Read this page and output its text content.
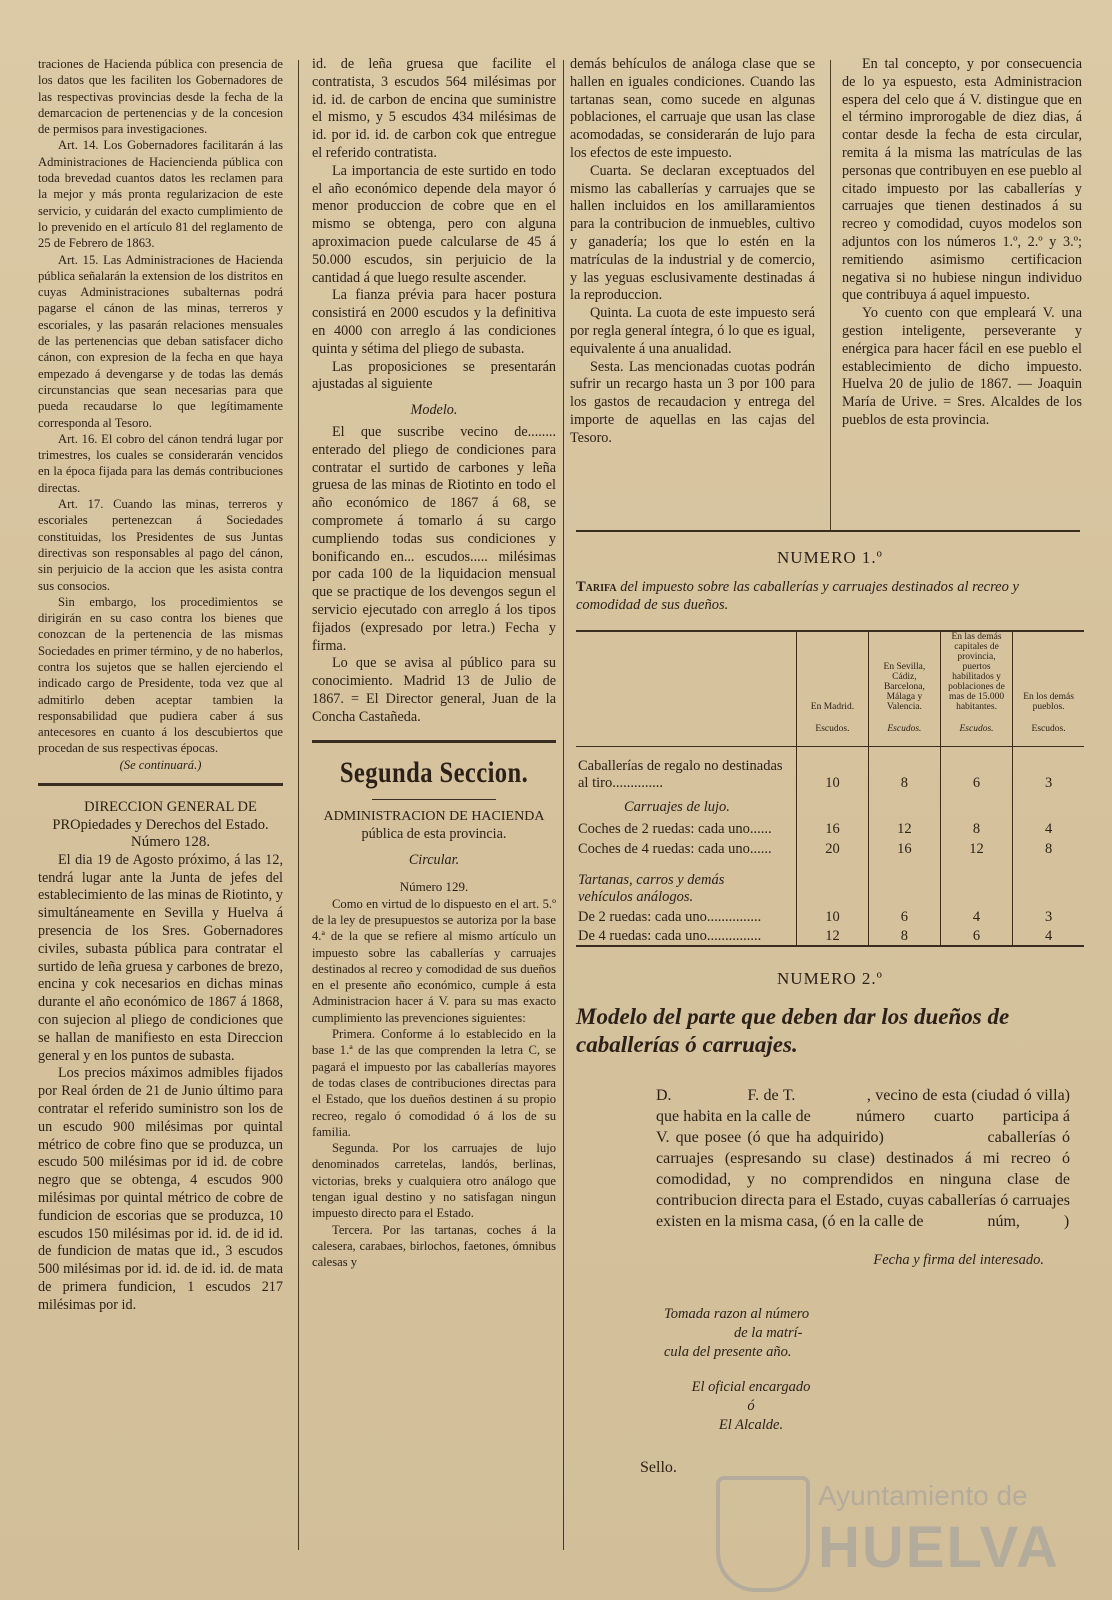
traciones de Hacienda pública con presencia de los datos que les faciliten los Gobernadores de las respectivas provincias desde la fecha de la demarcacion de pertenencias y de la concesion de permisos para investigaciones.

Art. 14. Los Gobernadores facilitarán á las Administraciones de Haciencienda pública con toda brevedad cuantos datos les reclamen para la mejor y más pronta regularizacion de este servicio, y cuidarán del exacto cumplimiento de lo prevenido en el artículo 81 del reglamento de 25 de Febrero de 1863.

Art. 15. Las Administraciones de Hacienda pública señalarán la extension de los distritos en cuyas Administraciones subalternas podrá pagarse el cánon de las minas, terreros y escoriales, y las pasarán relaciones mensuales de las pertenencias que deban satisfacer dicho cánon, con expresion de la fecha en que haya empezado á devengarse y de todas las demás circunstancias que sean necesarias para que pueda recaudarse lo que legítimamente corresponda al Tesoro.

Art. 16. El cobro del cánon tendrá lugar por trimestres, los cuales se considerarán vencidos en la época fijada para las demás contribuciones directas.

Art. 17. Cuando las minas, terreros y escoriales pertenezcan á Sociedades constituidas, los Presidentes de sus Juntas directivas son responsables al pago del cánon, sin perjuicio de la accion que les asista contra sus consocios.

Sin embargo, los procedimientos se dirigirán en su caso contra los bienes que conozcan de la pertenencia de las mismas Sociedades en primer término, y de no haberlos, contra los sujetos que se hallen ejerciendo el indicado cargo de Presidente, toda vez que al admitirlo deben aceptar tambien la responsabilidad que pudiera caber á sus antecesores en cuanto á los descubiertos que procedan de sus respectivas épocas.

(Se continuará.)

DIRECCION GENERAL DE PROpiedades y Derechos del Estado.

Número 128.

El dia 19 de Agosto próximo, á las 12, tendrá lugar ante la Junta de jefes del establecimiento de las minas de Riotinto, y simultáneamente en Sevilla y Huelva á presencia de los Sres. Gobernadores civiles, subasta pública para contratar el surtido de leña gruesa y carbones de brezo, encina y cok necesarios en dichas minas durante el año económico de 1867 á 1868, con sujecion al pliego de condiciones que se hallan de manifiesto en esta Direccion general y en los puntos de subasta.

Los precios máximos admibles fijados por Real órden de 21 de Junio último para contratar el referido suministro son los de un escudo 900 milésimas por quintal métrico de cobre fino que se produzca, un escudo 500 milésimas por id id. de cobre negro que se obtenga, 4 escudos 900 milésimas por quintal métrico de cobre de fundicion de escorias que se produzca, 10 escudos 150 milésimas por id. id. de id id. de fundicion de matas que id., 3 escudos 500 milésimas por id. id. de id. id. de mata de primera fundicion, 1 escudos 217 milésimas por id.

id. de leña gruesa que facilite el contratista, 3 escudos 564 milésimas por id. id. de carbon de encina que suministre el mismo, y 5 escudos 434 milésimas de id. por id. id. de carbon cok que entregue el referido contratista.

La importancia de este surtido en todo el año económico depende dela mayor ó menor produccion de cobre que en el mismo se obtenga, pero con alguna aproximacion puede calcularse de 45 á 50.000 escudos, sin perjuicio de la cantidad á que luego resulte ascender.

La fianza prévia para hacer postura consistirá en 2000 escudos y la definitiva en 4000 con arreglo á las condiciones quinta y sétima del pliego de subasta.

Las proposiciones se presentarán ajustadas al siguiente

Modelo.

El que suscribe vecino de........ enterado del pliego de condiciones para contratar el surtido de carbones y leña gruesa de las minas de Riotinto en todo el año económico de 1867 á 68, se compromete á tomarlo á su cargo cumpliendo todas sus condiciones y bonificando en... escudos..... milésimas por cada 100 de la liquidacion mensual que se practique de los devengos segun el servicio ejecutado con arreglo á los tipos fijados (expresado por letra.) Fecha y firma.

Lo que se avisa al público para su conocimiento. Madrid 13 de Julio de 1867. = El Director general, Juan de la Concha Castañeda.

Segunda Seccion.

ADMINISTRACION DE HACIENDA

pública de esta provincia.

Circular.

Número 129.

Como en virtud de lo dispuesto en el art. 5.º de la ley de presupuestos se autoriza por la base 4.ª de la que se refiere al mismo artículo un impuesto sobre las caballerías y carruajes destinados al recreo y comodidad de sus dueños en el presente año económico, cumple á esta Administracion hacer á V. para su mas exacto cumplimiento las prevenciones siguientes:

Primera. Conforme á lo establecido en la base 1.ª de las que comprenden la letra C, se pagará el impuesto por las caballerías mayores de todas clases de contribuciones directas para el Estado, que los dueños destinen á su propio recreo, regalo ó comodidad ó á los de su familia.

Segunda. Por los carruajes de lujo denominados carretelas, landós, berlinas, victorias, breks y cualquiera otro análogo que tengan igual destino y no satisfagan ningun impuesto directo para el Estado.

Tercera. Por las tartanas, coches á la calesera, carabaes, birlochos, faetones, ómnibus calesas y

demás behículos de análoga clase que se hallen en iguales condiciones. Cuando las tartanas sean, como sucede en algunas poblaciones, el carruaje que usan las clase acomodadas, se considerarán de lujo para los efectos de este impuesto.

Cuarta. Se declaran exceptuados del mismo las caballerías y carruajes que se hallen incluidos en los amillaramientos para la contribucion de inmuebles, cultivo y ganadería; los que lo estén en la matrículas de la industrial y de comercio, y las yeguas esclusivamente destinadas á la reproduccion.

Quinta. La cuota de este impuesto será por regla general íntegra, ó lo que es igual, equivalente á una anualidad.

Sesta. Las mencionadas cuotas podrán sufrir un recargo hasta un 3 por 100 para los gastos de recaudacion y entrega del importe de aquellas en las cajas del Tesoro.

En tal concepto, y por consecuencia de lo ya espuesto, esta Administracion espera del celo que á V. distingue que en el término improrogable de diez dias, á contar desde la fecha de esta circular, remita á la misma las matrículas de las personas que contribuyen en ese pueblo al citado impuesto por las caballerías y carruajes que tienen destinados á su recreo y comodidad, cuyos modelos son adjuntos con los números 1.º, 2.º y 3.º; remitiendo asimismo certificacion negativa si no hubiese ningun individuo que contribuya á aquel impuesto.

Yo cuento con que empleará V. una gestion inteligente, perseverante y enérgica para hacer fácil en ese pueblo el establecimiento de dicho impuesto. Huelva 20 de julio de 1867. — Joaquin María de Urive. = Sres. Alcaldes de los pueblos de esta provincia.

NUMERO 1.º
Tarifa del impuesto sobre las caballerías y carruajes destinados al recreo y comodidad de sus dueños.
	En Madrid.	En Sevilla, Cádiz, Barcelona, Málaga y Valencia.	En las demás capitales de provincia, puertos habilitados y poblaciones de mas de 15.000 habitantes.	En los demás pueblos.
	Escudos.	Escudos.	Escudos.	Escudos.
Caballerías de regalo no destinadas al tiro..............	10	8	6	3
Carruajes de lujo.				
Coches de 2 ruedas: cada uno......	16	12	8	4
Coches de 4 ruedas: cada uno......	20	16	12	8
Tartanas, carros y demás vehículos análogos.				
De 2 ruedas: cada uno...............	10	6	4	3
De 4 ruedas: cada uno...............	12	8	6	4
NUMERO 2.º

Modelo del parte que deben dar los dueños de caballerías ó carruajes.

D.                 F. de T.                , vecino de esta (ciudad ó villa) que habita en la calle de           número       cuarto       participa á V. que posee (ó que ha adquirido)                 caballerías ó carruajes (espresando su clase) destinados á mi recreo ó comodidad, y no comprendidos en ninguna clase de contribucion directa para el Estado, cuyas caballerías ó carruajes existen en la misma casa, (ó en la calle de                núm,           )

Fecha y firma del interesado.

Tomada razon al número
de la matrí-
cula del presente año.
El oficial encargado
ó
El Alcalde.
Sello.
Ayuntamiento de
HUELVA
